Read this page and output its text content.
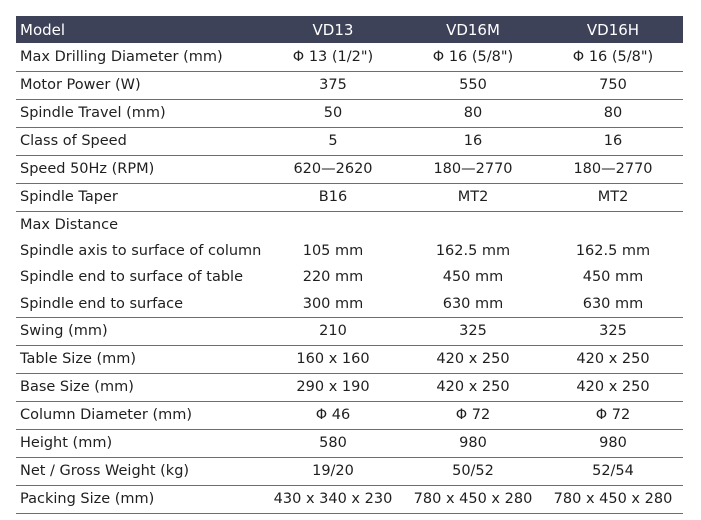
Model	VD13	VD16M	VD16H
Max Drilling Diameter (mm)	Φ 13 (1/2")	Φ 16 (5/8")	Φ 16 (5/8")
Motor Power (W)	375	550	750
Spindle Travel (mm)	50	80	80
Class of Speed	5	16	16
Speed 50Hz (RPM)	620—2620	180—2770	180—2770
Spindle Taper	B16	MT2	MT2
Max Distance			
Spindle axis to surface of column	105 mm	162.5 mm	162.5 mm
Spindle end to surface of table	220 mm	450 mm	450 mm
Spindle end to surface	300 mm	630 mm	630 mm
Swing (mm)	210	325	325
Table Size (mm)	160 x 160	420 x 250	420 x 250
Base Size (mm)	290 x 190	420 x 250	420 x 250
Column Diameter (mm)	Φ 46	Φ 72	Φ 72
Height (mm)	580	980	980
Net / Gross Weight (kg)	19/20	50/52	52/54
Packing Size (mm)	430 x 340 x 230	780 x 450 x 280	780 x 450 x 280
